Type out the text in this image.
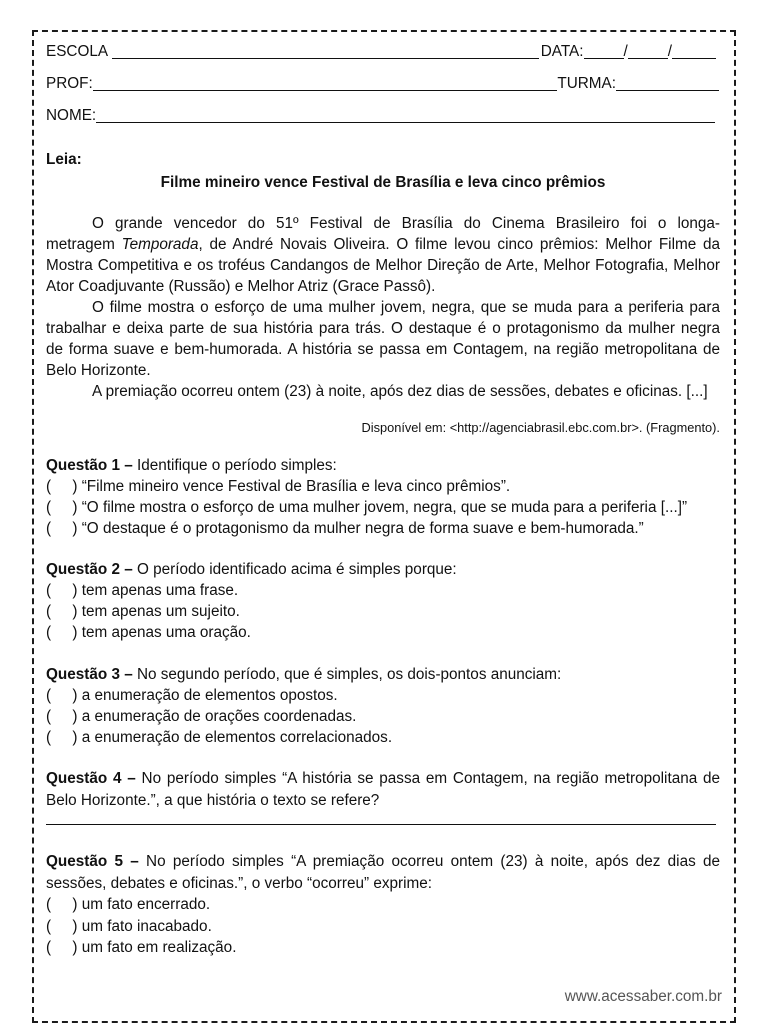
ESCOLA	DATA:	/	/
PROF:	TURMA:
NOME:
Leia:
Filme mineiro vence Festival de Brasília e leva cinco prêmios
O grande vencedor do 51º Festival de Brasília do Cinema Brasileiro foi o longa-
metragem Temporada, de André Novais Oliveira. O filme levou cinco prêmios: Melhor Filme da
Mostra Competitiva e os troféus Candangos de Melhor Direção de Arte, Melhor Fotografia, Melhor
Ator Coadjuvante (Russão) e Melhor Atriz (Grace Passô).
O filme mostra o esforço de uma mulher jovem, negra, que se muda para a periferia para
trabalhar e deixa parte de sua história para trás. O destaque é o protagonismo da mulher negra
de forma suave e bem-humorada. A história se passa em Contagem, na região metropolitana de
Belo Horizonte.
A premiação ocorreu ontem (23) à noite, após dez dias de sessões, debates e oficinas. [...]
Disponível em: <http://agenciabrasil.ebc.com.br>. (Fragmento).
Questão 1 – Identifique o período simples:
(     ) “Filme mineiro vence Festival de Brasília e leva cinco prêmios”.
(     ) “O filme mostra o esforço de uma mulher jovem, negra, que se muda para a periferia [...]”
(     ) “O destaque é o protagonismo da mulher negra de forma suave e bem-humorada.”
Questão 2 – O período identificado acima é simples porque:
(     ) tem apenas uma frase.
(     ) tem apenas um sujeito.
(     ) tem apenas uma oração.
Questão 3 – No segundo período, que é simples, os dois-pontos anunciam:
(     ) a enumeração de elementos opostos.
(     ) a enumeração de orações coordenadas.
(     ) a enumeração de elementos correlacionados.
Questão 4 – No período simples “A história se passa em Contagem, na região metropolitana de
Belo Horizonte.”, a que história o texto se refere?
Questão 5 – No período simples “A premiação ocorreu ontem (23) à noite, após dez dias de
sessões, debates e oficinas.”, o verbo “ocorreu” exprime:
(     ) um fato encerrado.
(     ) um fato inacabado.
(     ) um fato em realização.
www.acessaber.com.br
